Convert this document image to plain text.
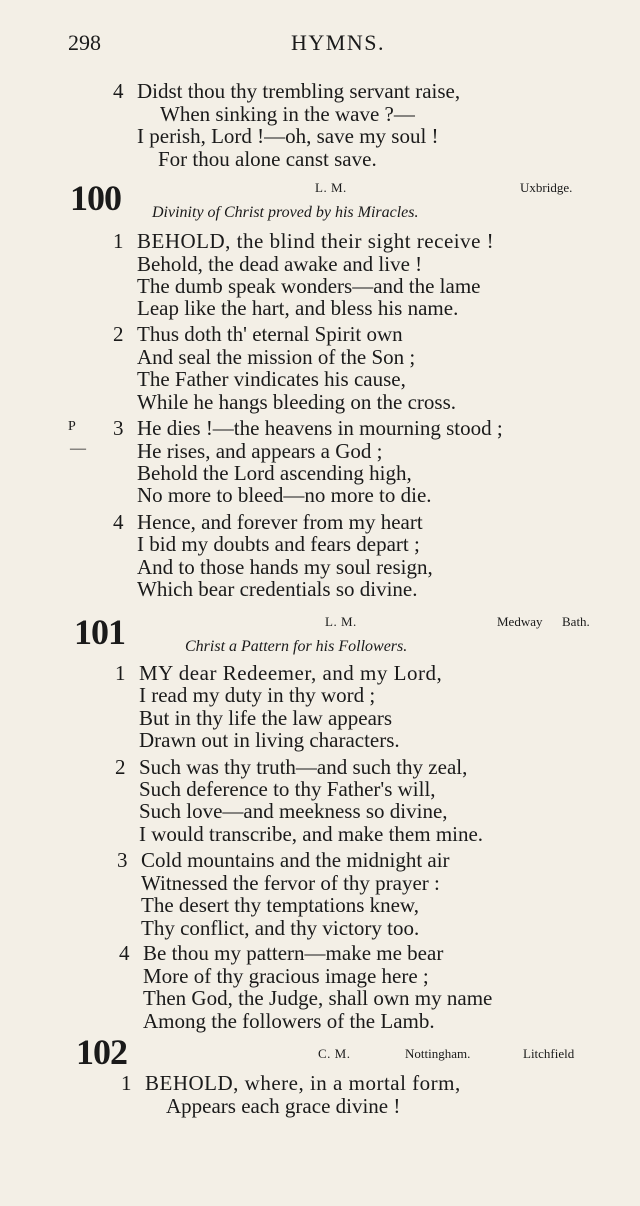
298	HYMNS.
4 Didst thou thy trembling servant raise,
When sinking in the wave ?—
I perish, Lord !—oh, save my soul !
For thou alone canst save.
100	L. M.	Uxbridge.
Divinity of Christ proved by his Miracles.
1 BEHOLD, the blind their sight receive !
Behold, the dead awake and live !
The dumb speak wonders—and the lame
Leap like the hart, and bless his name.
2 Thus doth th' eternal Spirit own
And seal the mission of the Son ;
The Father vindicates his cause,
While he hangs bleeding on the cross.
P
—
3 He dies !—the heavens in mourning stood ;
He rises, and appears a God ;
Behold the Lord ascending high,
No more to bleed—no more to die.
4 Hence, and forever from my heart
I bid my doubts and fears depart ;
And to those hands my soul resign,
Which bear credentials so divine.
101	L. M.	Medway Bath.
Christ a Pattern for his Followers.
1 MY dear Redeemer, and my Lord,
I read my duty in thy word ;
But in thy life the law appears
Drawn out in living characters.
2 Such was thy truth—and such thy zeal,
Such deference to thy Father's will,
Such love—and meekness so divine,
I would transcribe, and make them mine.
3 Cold mountains and the midnight air
Witnessed the fervor of thy prayer :
The desert thy temptations knew,
Thy conflict, and thy victory too.
4 Be thou my pattern—make me bear
More of thy gracious image here ;
Then God, the Judge, shall own my name
Among the followers of the Lamb.
102	C. M.	Nottingham.	Litchfield
1 BEHOLD, where, in a mortal form,
Appears each grace divine !
